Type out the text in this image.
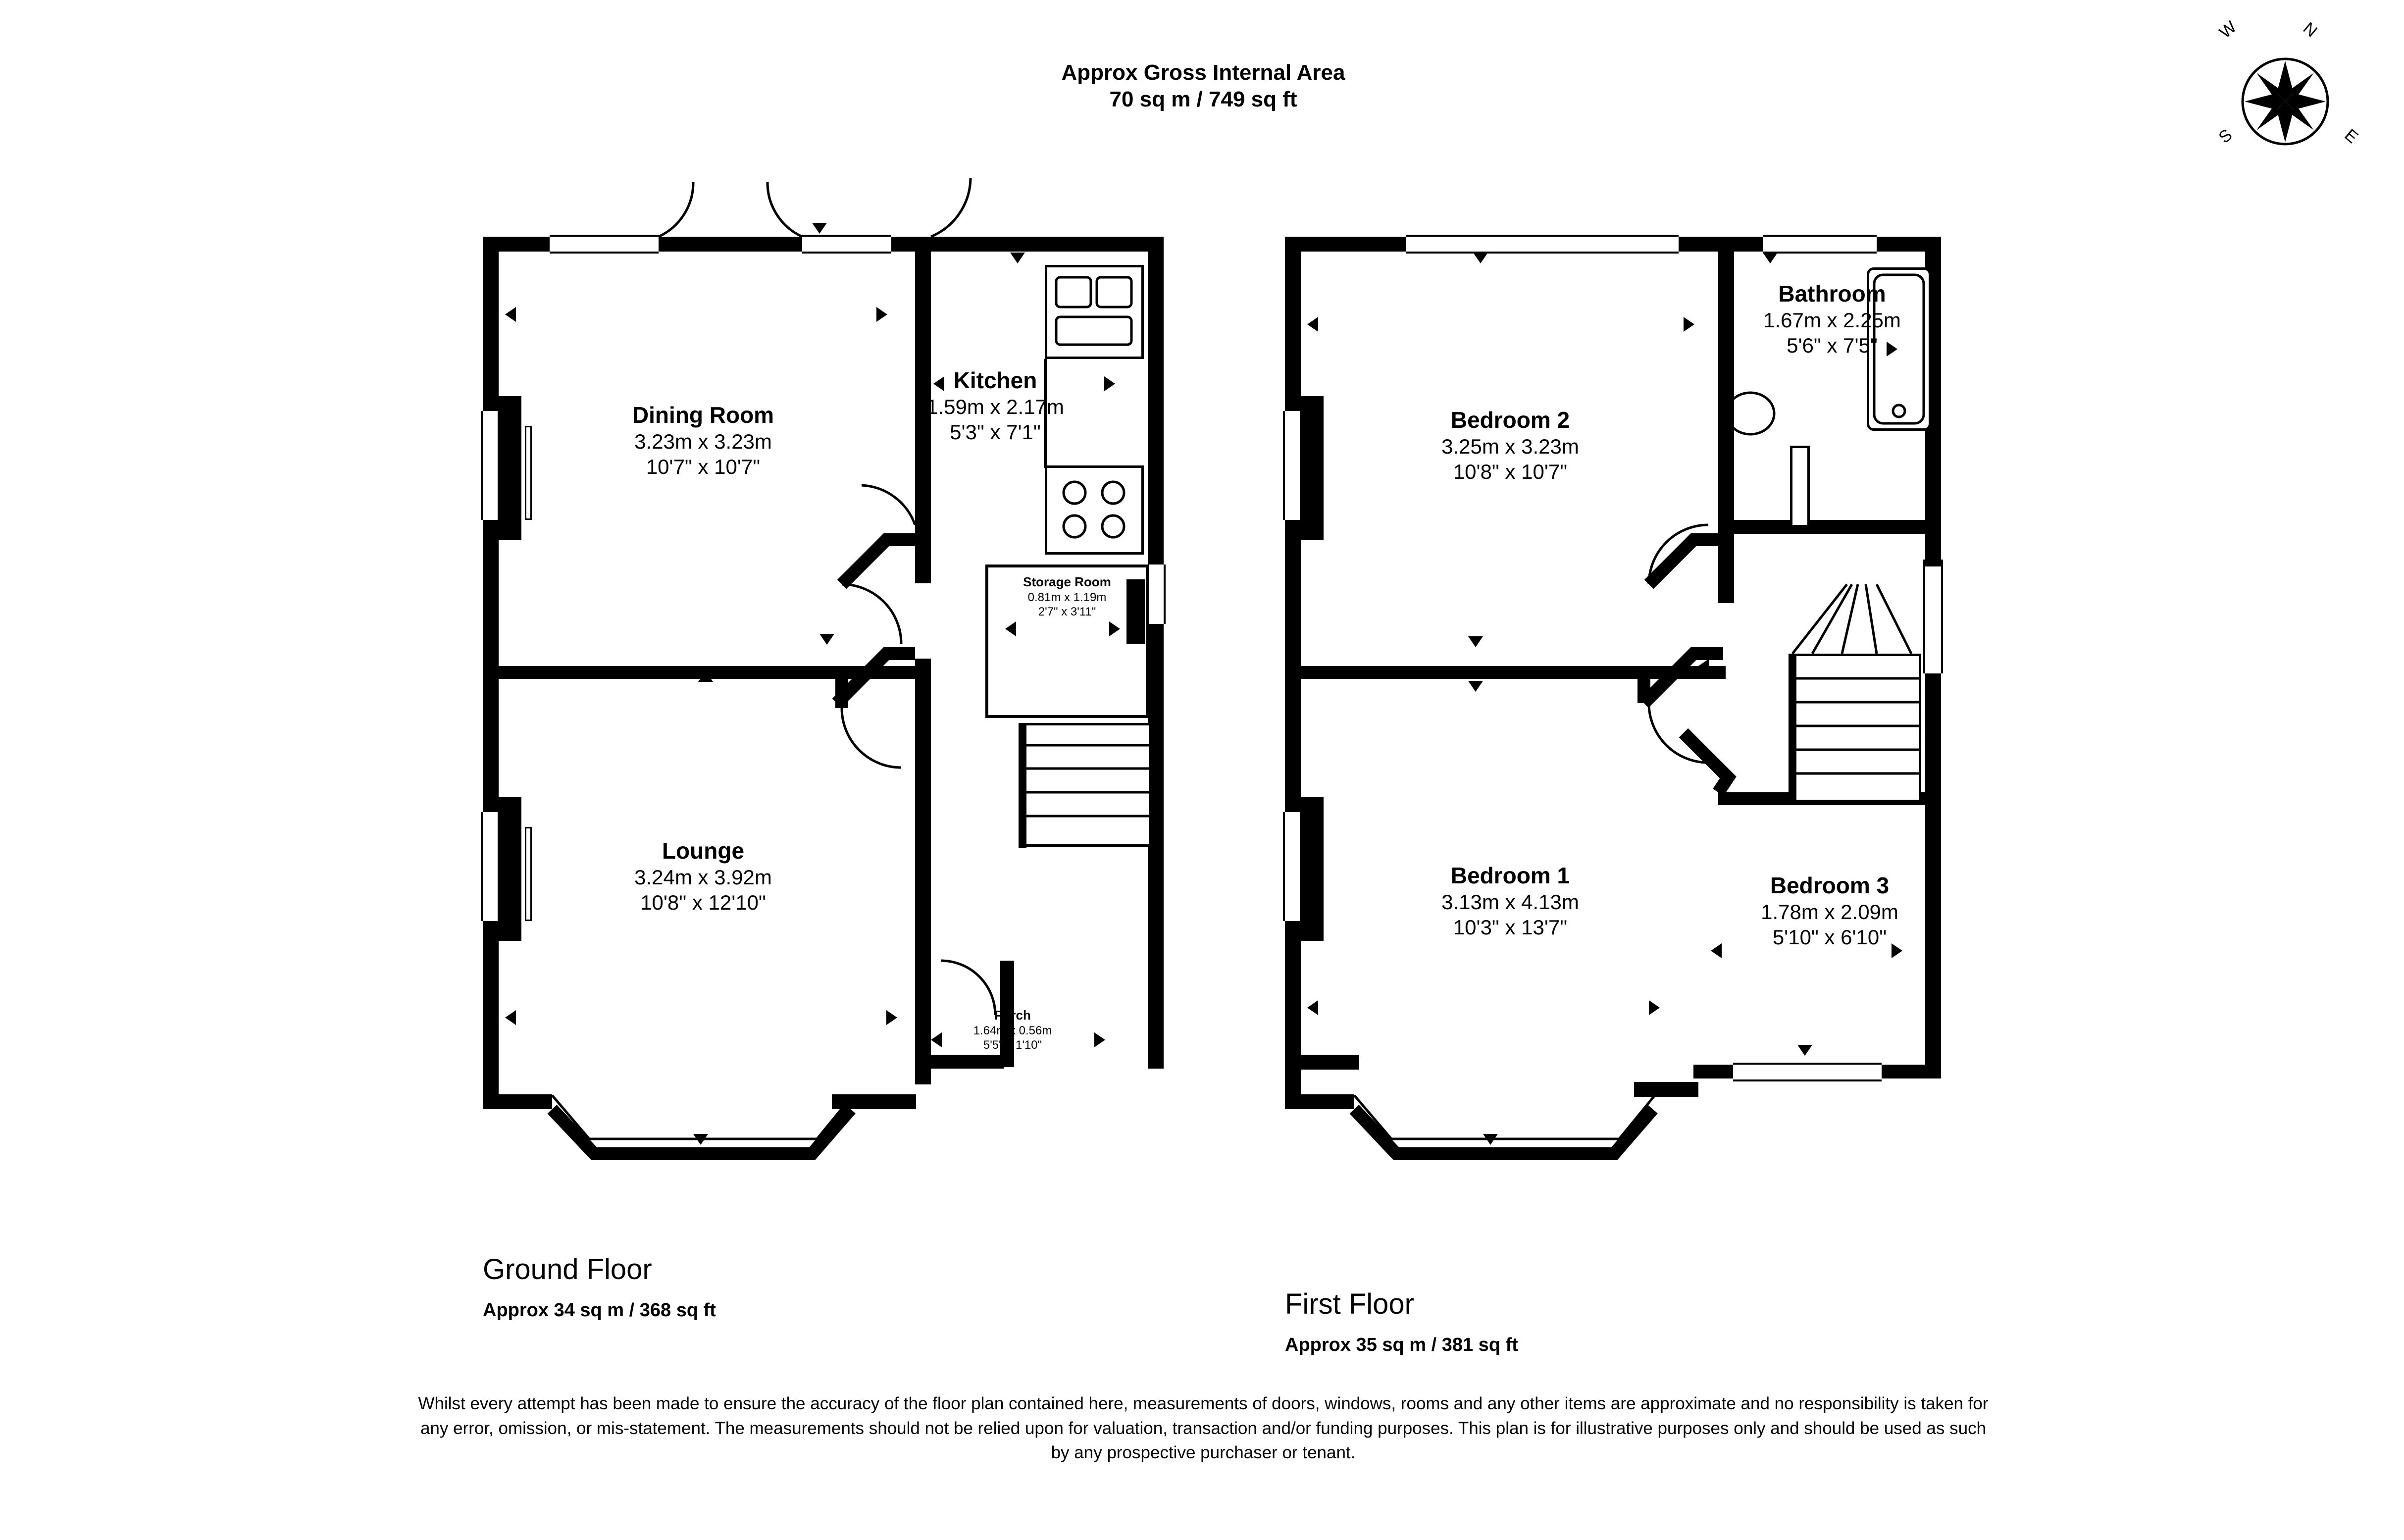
Approx Gross Internal Area
70 sq m / 749 sq ft
N
E
S
W
Dining Room
3.23m x 3.23m
10'7" x 10'7"
Kitchen
1.59m x 2.17m
5'3" x 7'1"
Storage Room
0.81m x 1.19m
2'7" x 3'11"
Lounge
3.24m x 3.92m
10'8" x 12'10"
Porch
1.64m x 0.56m
5'5" x 1'10"
Bathroom
1.67m x 2.25m
5'6" x 7'5"
Bedroom 2
3.25m x 3.23m
10'8" x 10'7"
Bedroom 1
3.13m x 4.13m
10'3" x 13'7"
Bedroom 3
1.78m x 2.09m
5'10" x 6'10"
Ground Floor
Approx 34 sq m / 368 sq ft	First Floor
Approx 35 sq m / 381 sq ft
Whilst every attempt has been made to ensure the accuracy of the floor plan contained here, measurements of doors, windows, rooms and any other items are approximate and no responsibility is taken for any error, omission, or mis-statement. The measurements should not be relied upon for valuation, transaction and/or funding purposes. This plan is for illustrative purposes only and should be used as such by any prospective purchaser or tenant.
